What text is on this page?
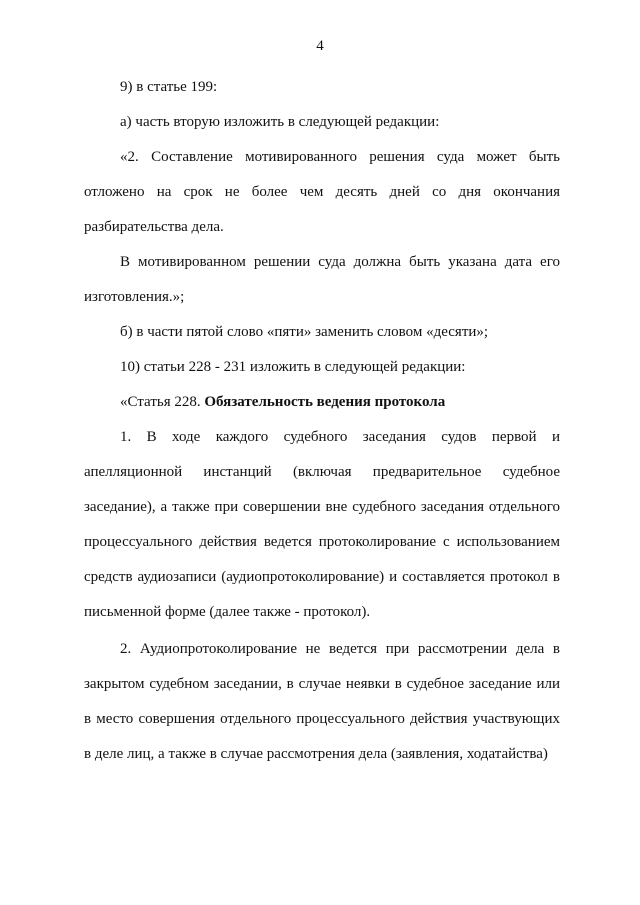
4

9) в статье 199:

а) часть вторую изложить в следующей редакции:

«2. Составление мотивированного решения суда может быть отложено на срок не более чем десять дней со дня окончания разбирательства дела.

В мотивированном решении суда должна быть указана дата его изготовления.»;

б) в части пятой слово «пяти» заменить словом «десяти»;

10) статьи 228 - 231 изложить в следующей редакции:

«Статья 228. Обязательность ведения протокола

1. В ходе каждого судебного заседания судов первой и апелляционной инстанций (включая предварительное судебное заседание), а также при совершении вне судебного заседания отдельного процессуального действия ведется протоколирование с использованием средств аудиозаписи (аудиопротоколирование) и составляется протокол в письменной форме (далее также - протокол).

2. Аудиопротоколирование не ведется при рассмотрении дела в закрытом судебном заседании, в случае неявки в судебное заседание или в место совершения отдельного процессуального действия участвующих в деле лиц, а также в случае рассмотрения дела (заявления, ходатайства)
